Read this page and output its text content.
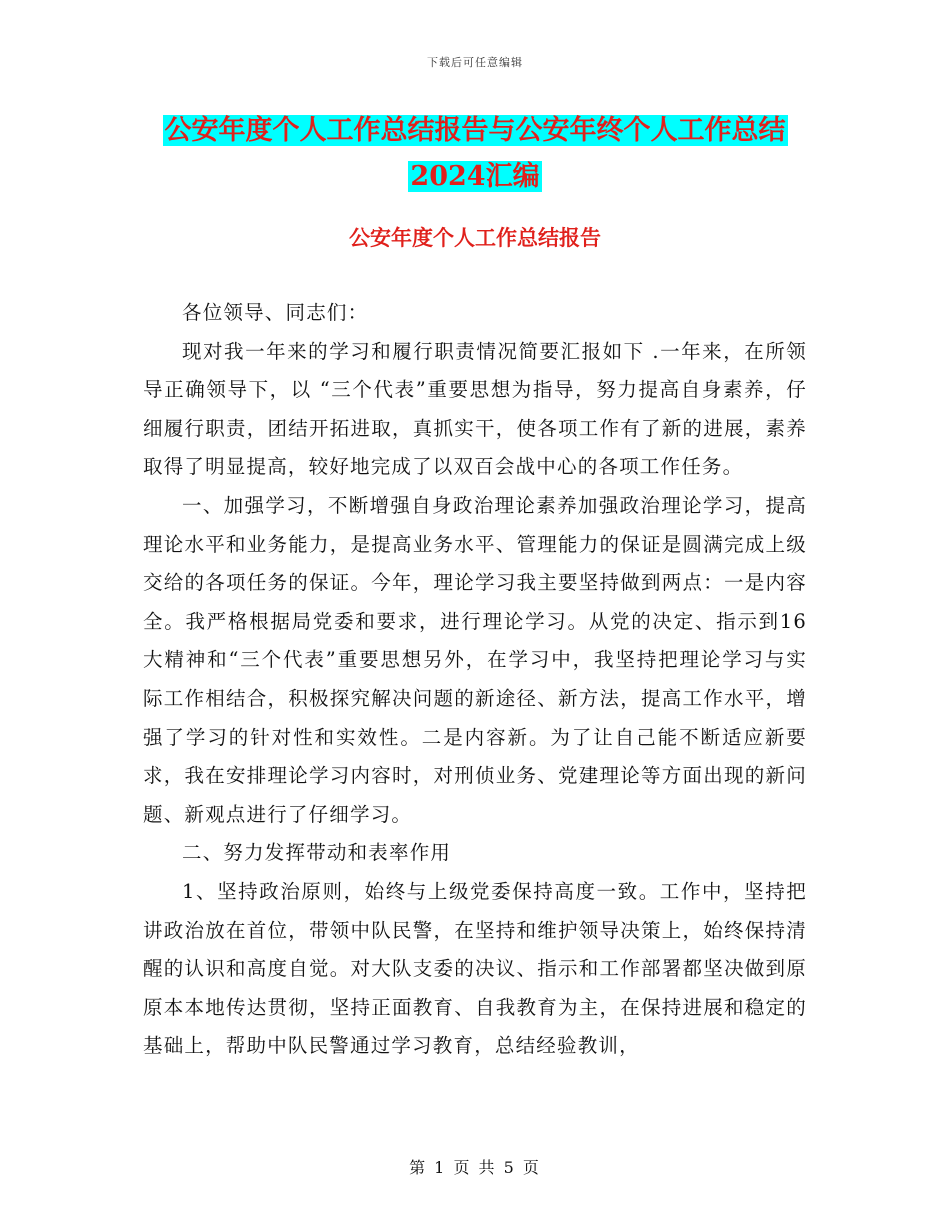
下载后可任意编辑
公安年度个人工作总结报告与公安年终个人工作总结
2024汇编
公安年度个人工作总结报告

各位领导、同志们：

现对我一年来的学习和履行职责情况简要汇报如下 .一年来，在所领导正确领导下，以 “三个代表”重要思想为指导，努力提高自身素养，仔细履行职责，团结开拓进取，真抓实干，使各项工作有了新的进展，素养取得了明显提高，较好地完成了以双百会战中心的各项工作任务。

一、加强学习，不断增强自身政治理论素养加强政治理论学习，提高理论水平和业务能力，是提高业务水平、管理能力的保证是圆满完成上级交给的各项任务的保证。今年，理论学习我主要坚持做到两点：一是内容全。我严格根据局党委和要求，进行理论学习。从党的决定、指示到16大精神和“三个代表”重要思想另外，在学习中，我坚持把理论学习与实际工作相结合，积极探究解决问题的新途径、新方法，提高工作水平，增强了学习的针对性和实效性。二是内容新。为了让自己能不断适应新要求，我在安排理论学习内容时，对刑侦业务、党建理论等方面出现的新问题、新观点进行了仔细学习。

二、努力发挥带动和表率作用

1、坚持政治原则，始终与上级党委保持高度一致。工作中，坚持把讲政治放在首位，带领中队民警，在坚持和维护领导决策上，始终保持清醒的认识和高度自觉。对大队支委的决议、指示和工作部署都坚决做到原原本本地传达贯彻，坚持正面教育、自我教育为主，在保持进展和稳定的基础上，帮助中队民警通过学习教育，总结经验教训，

第 1 页 共 5 页
